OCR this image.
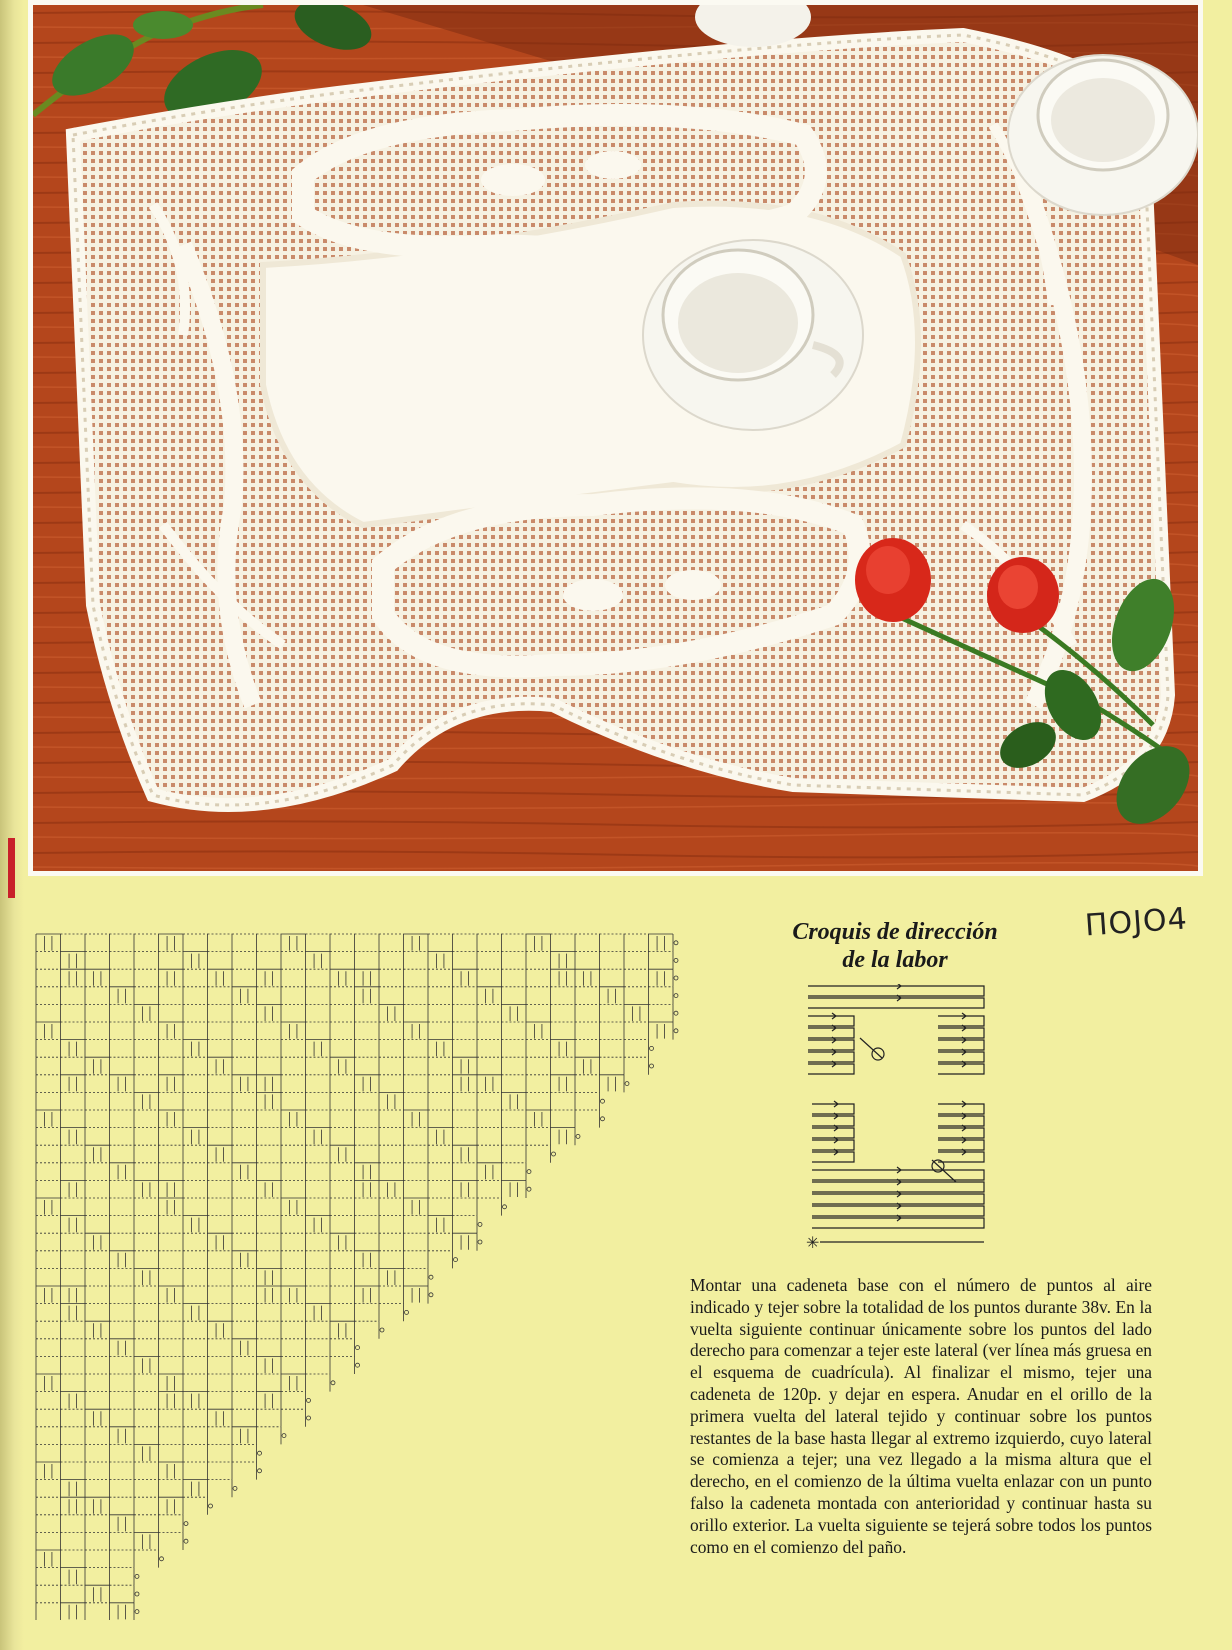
Croquis de dirección
de la labor
ПОЈО4
✳

Montar una cadeneta base con el número de puntos al aire indicado y tejer sobre la totalidad de los puntos durante 38v. En la vuelta siguiente continuar únicamente sobre los puntos del lado derecho para comenzar a tejer este lateral (ver línea más gruesa en el esquema de cuadrícula). Al finalizar el mismo, tejer una cadeneta de 120p. y dejar en espera. Anudar en el orillo de la primera vuelta del lateral tejido y continuar sobre los puntos restantes de la base hasta llegar al extremo izquierdo, cuyo lateral se comienza a tejer; una vez llegado a la misma altura que el derecho, en el comienzo de la última vuelta enlazar con un punto falso la cadeneta montada con anterioridad y continuar hasta su orillo exterior. La vuelta siguiente se tejerá sobre todos los puntos como en el comienzo del paño.
